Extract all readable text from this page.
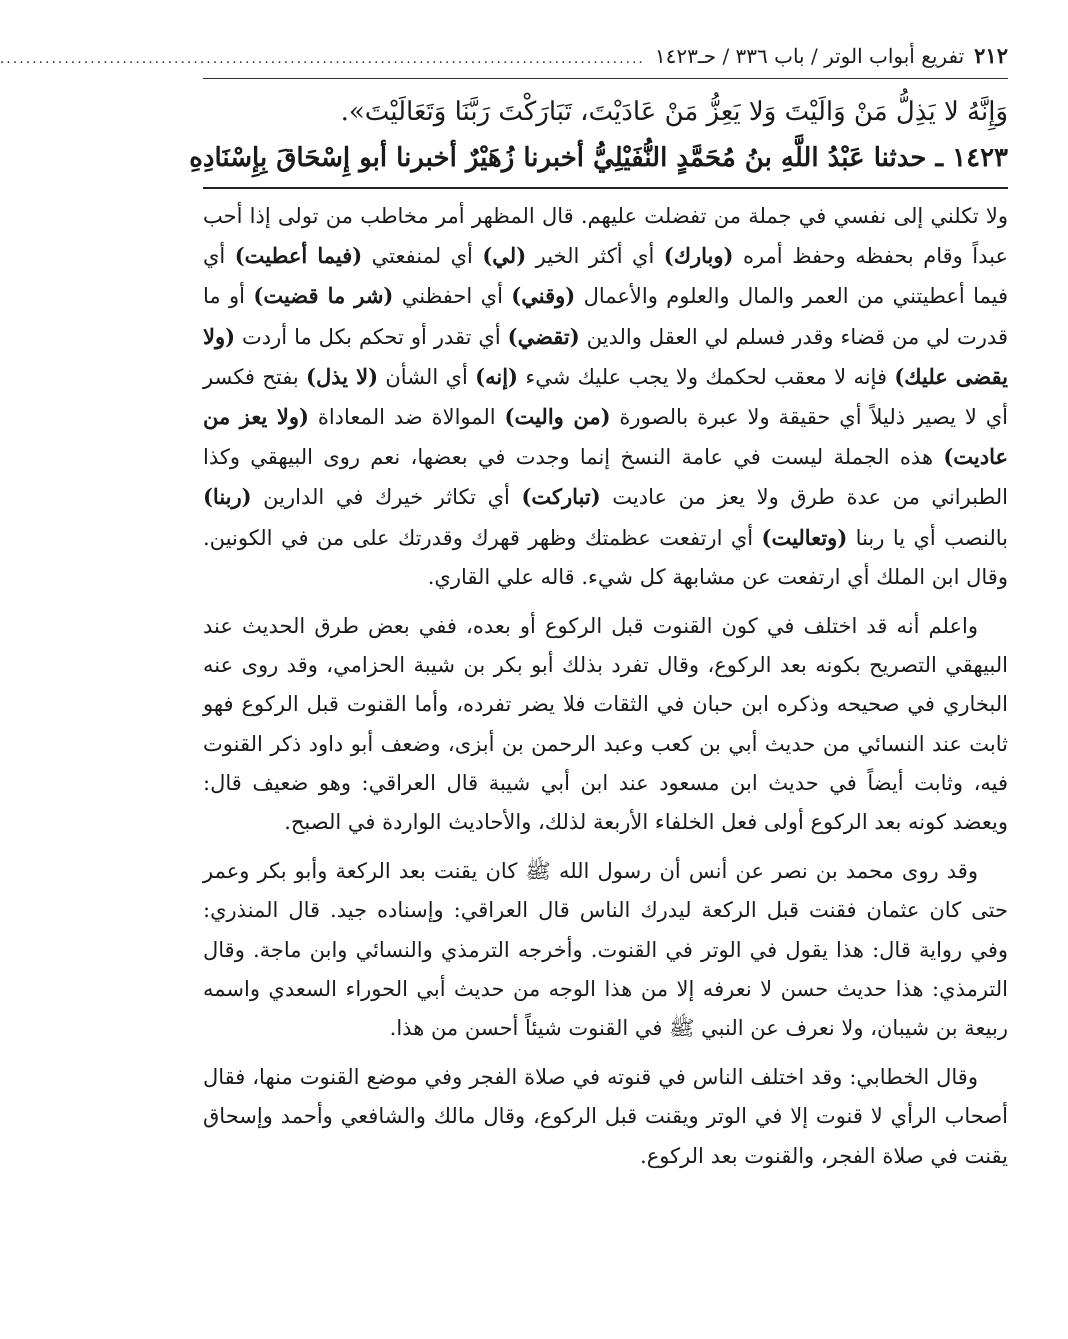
٢١٢
تفريع أبواب الوتر / باب ٣٣٦ / حـ١٤٢٣
....................................................................................................
وَإِنَّهُ لا يَذِلُّ مَنْ وَالَيْتَ وَلا يَعِزُّ مَنْ عَادَيْتَ، تَبَارَكْتَ رَبَّنَا وَتَعَالَيْتَ».
١٤٢٣ ـ حدثنا عَبْدُ اللَّهِ بنُ مُحَمَّدٍ النُّفَيْلِيُّ أخبرنا زُهَيْرٌ أخبرنا أبو إِسْحَاقَ بِإِسْنَادِهِ

ولا تكلني إلى نفسي في جملة من تفضلت عليهم. قال المظهر أمر مخاطب من تولى إذا أحب عبداً وقام بحفظه وحفظ أمره (وبارك) أي أكثر الخير (لي) أي لمنفعتي (فيما أعطيت) أي فيما أعطيتني من العمر والمال والعلوم والأعمال (وقني) أي احفظني (شر ما قضيت) أو ما قدرت لي من قضاء وقدر فسلم لي العقل والدين (تقضي) أي تقدر أو تحكم بكل ما أردت (ولا يقضى عليك) فإنه لا معقب لحكمك ولا يجب عليك شيء (إنه) أي الشأن (لا يذل) بفتح فكسر أي لا يصير ذليلاً أي حقيقة ولا عبرة بالصورة (من واليت) الموالاة ضد المعاداة (ولا يعز من عاديت) هذه الجملة ليست في عامة النسخ إنما وجدت في بعضها، نعم روى البيهقي وكذا الطبراني من عدة طرق ولا يعز من عاديت (تباركت) أي تكاثر خيرك في الدارين (ربنا) بالنصب أي يا ربنا (وتعاليت) أي ارتفعت عظمتك وظهر قهرك وقدرتك على من في الكونين. وقال ابن الملك أي ارتفعت عن مشابهة كل شيء. قاله علي القاري.

واعلم أنه قد اختلف في كون القنوت قبل الركوع أو بعده، ففي بعض طرق الحديث عند البيهقي التصريح بكونه بعد الركوع، وقال تفرد بذلك أبو بكر بن شيبة الحزامي، وقد روى عنه البخاري في صحيحه وذكره ابن حبان في الثقات فلا يضر تفرده، وأما القنوت قبل الركوع فهو ثابت عند النسائي من حديث أبي بن كعب وعبد الرحمن بن أبزى، وضعف أبو داود ذكر القنوت فيه، وثابت أيضاً في حديث ابن مسعود عند ابن أبي شيبة قال العراقي: وهو ضعيف قال: ويعضد كونه بعد الركوع أولى فعل الخلفاء الأربعة لذلك، والأحاديث الواردة في الصبح.

وقد روى محمد بن نصر عن أنس أن رسول الله ﷺ كان يقنت بعد الركعة وأبو بكر وعمر حتى كان عثمان فقنت قبل الركعة ليدرك الناس قال العراقي: وإسناده جيد. قال المنذري: وفي رواية قال: هذا يقول في الوتر في القنوت. وأخرجه الترمذي والنسائي وابن ماجة. وقال الترمذي: هذا حديث حسن لا نعرفه إلا من هذا الوجه من حديث أبي الحوراء السعدي واسمه ربيعة بن شيبان، ولا نعرف عن النبي ﷺ في القنوت شيئاً أحسن من هذا.

وقال الخطابي: وقد اختلف الناس في قنوته في صلاة الفجر وفي موضع القنوت منها، فقال أصحاب الرأي لا قنوت إلا في الوتر ويقنت قبل الركوع، وقال مالك والشافعي وأحمد وإسحاق يقنت في صلاة الفجر، والقنوت بعد الركوع.
